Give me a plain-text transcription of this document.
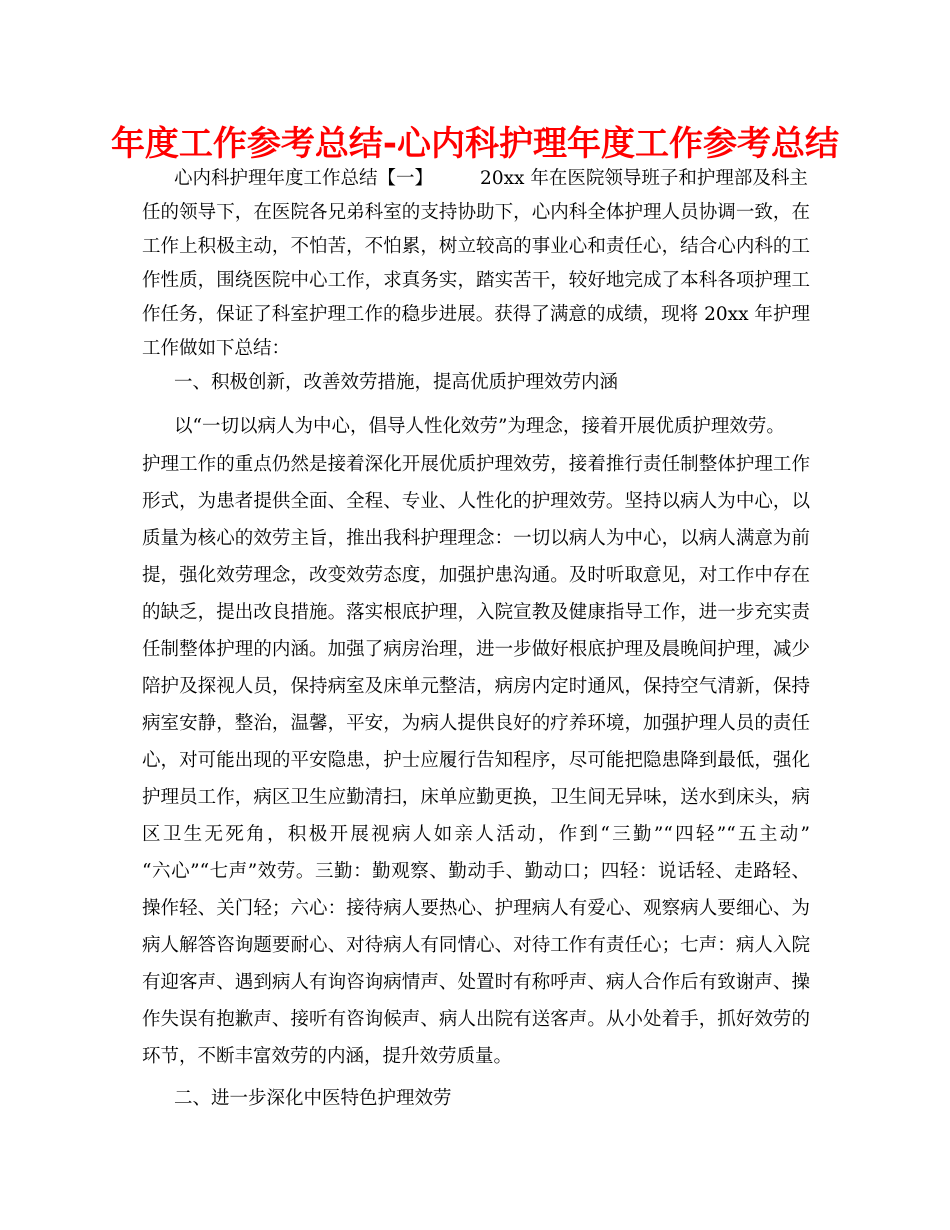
年度工作参考总结-心内科护理年度工作参考总结
心内科护理年度工作总结【一】        20xx 年在医院领导班子和护理部及科主
任的领导下，在医院各兄弟科室的支持协助下，心内科全体护理人员协调一致，在
工作上积极主动，不怕苦，不怕累，树立较高的事业心和责任心，结合心内科的工
作性质，围绕医院中心工作，求真务实，踏实苦干，较好地完成了本科各项护理工
作任务，保证了科室护理工作的稳步进展。获得了满意的成绩，现将 20xx 年护理
工作做如下总结：
一、积极创新，改善效劳措施，提高优质护理效劳内涵
以“一切以病人为中心，倡导人性化效劳”为理念，接着开展优质护理效劳。
护理工作的重点仍然是接着深化开展优质护理效劳，接着推行责任制整体护理工作
形式，为患者提供全面、全程、专业、人性化的护理效劳。坚持以病人为中心，以
质量为核心的效劳主旨，推出我科护理理念：一切以病人为中心，以病人满意为前
提，强化效劳理念，改变效劳态度，加强护患沟通。及时听取意见，对工作中存在
的缺乏，提出改良措施。落实根底护理，入院宣教及健康指导工作，进一步充实责
任制整体护理的内涵。加强了病房治理，进一步做好根底护理及晨晚间护理，减少
陪护及探视人员，保持病室及床单元整洁，病房内定时通风，保持空气清新，保持
病室安静，整治，温馨，平安，为病人提供良好的疗养环境，加强护理人员的责任
心，对可能出现的平安隐患，护士应履行告知程序，尽可能把隐患降到最低，强化
护理员工作，病区卫生应勤清扫，床单应勤更换，卫生间无异味，送水到床头，病
区卫生无死角，积极开展视病人如亲人活动，作到“三勤”“四轻”“五主动”
“六心”“七声”效劳。三勤：勤观察、勤动手、勤动口；四轻：说话轻、走路轻、
操作轻、关门轻；六心：接待病人要热心、护理病人有爱心、观察病人要细心、为
病人解答咨询题要耐心、对待病人有同情心、对待工作有责任心；七声：病人入院
有迎客声、遇到病人有询咨询病情声、处置时有称呼声、病人合作后有致谢声、操
作失误有抱歉声、接听有咨询候声、病人出院有送客声。从小处着手，抓好效劳的
环节，不断丰富效劳的内涵，提升效劳质量。
二、进一步深化中医特色护理效劳
